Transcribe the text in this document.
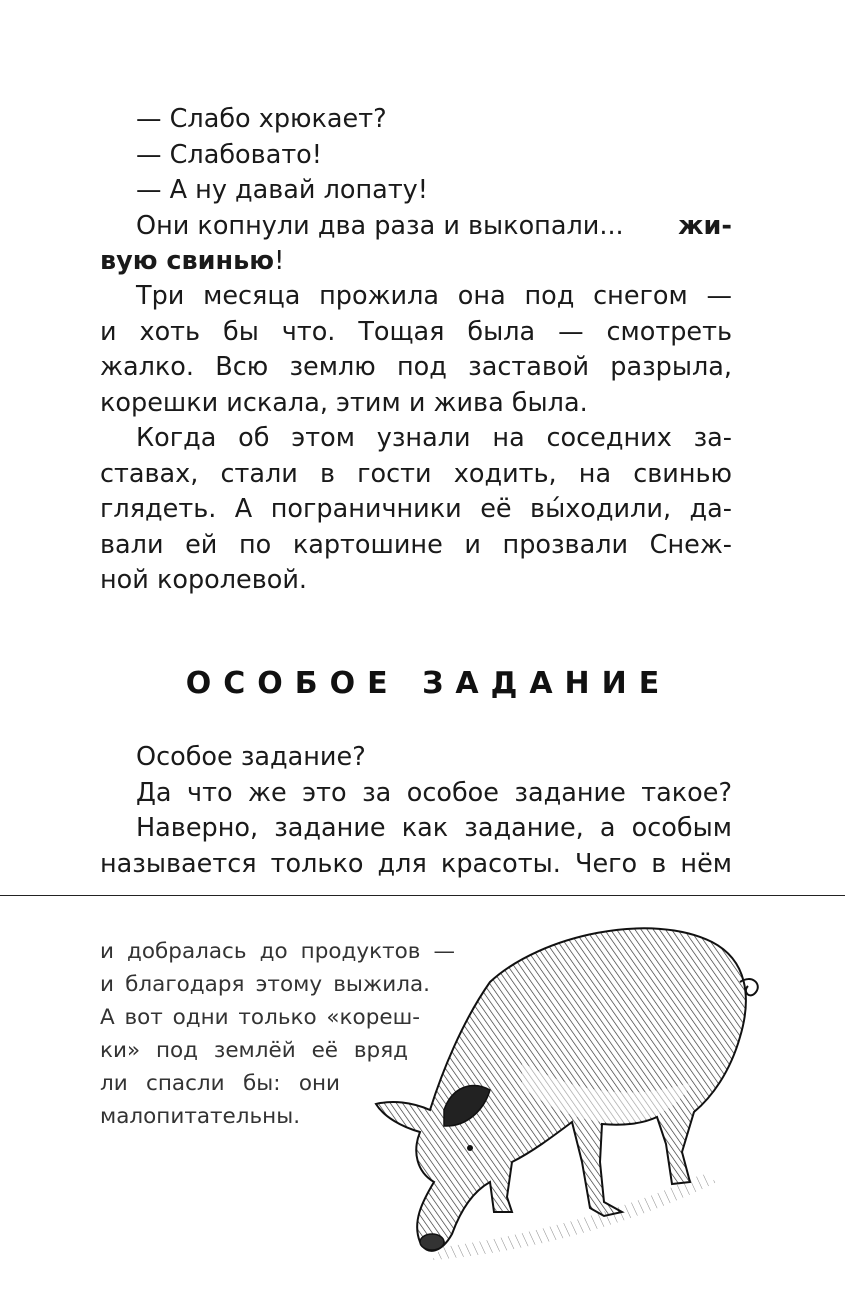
— Слабо хрюкает?

— Слабовато!

— А ну давай лопату!

Они копнули два раза и выкопали... жи-

вую свинью!

Три месяца прожила она под снегом —

и хоть бы что. Тощая была — смотреть

жалко. Всю землю под заставой разрыла,

корешки искала, этим и жива была.

Когда об этом узнали на соседних за-

ставах, стали в гости ходить, на свинью

глядеть. А пограничники её вы́ходили, да-

вали ей по картошине и прозвали Снеж-

ной королевой.

ОСОБОЕ ЗАДАНИЕ

Особое задание?

Да что же это за особое задание такое?

Наверно, задание как задание, а особым

называется только для красоты. Чего в нём

и добралась до продуктов —

и благодаря этому выжила.

А вот одни только «кореш-

ки» под землёй её вряд

ли спасли бы: они

малопитательны.
